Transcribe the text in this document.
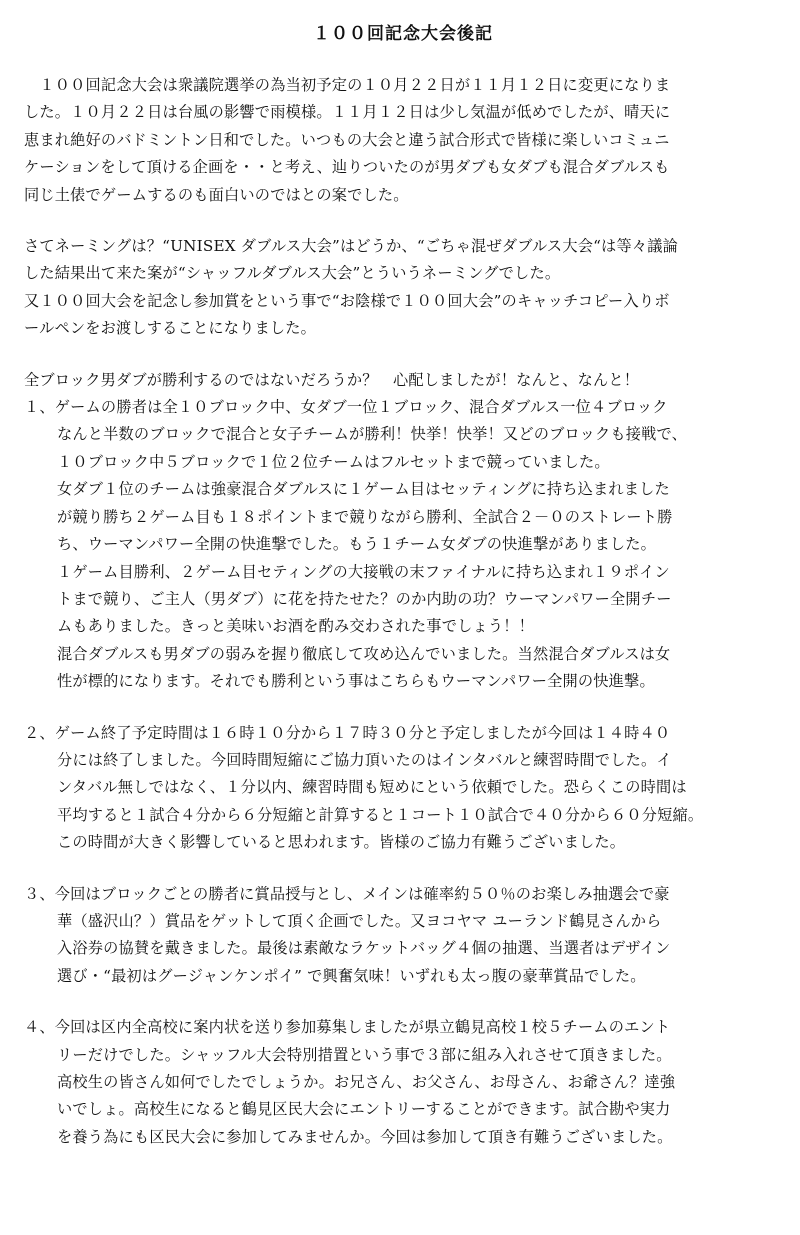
１００回記念大会後記
　１００回記念大会は衆議院選挙の為当初予定の１０月２２日が１１月１２日に変更になりま
した。１０月２２日は台風の影響で雨模様。１１月１２日は少し気温が低めでしたが、晴天に
恵まれ絶好のバドミントン日和でした。いつもの大会と違う試合形式で皆様に楽しいコミュニ
ケーションをして頂ける企画を・・と考え、辿りついたのが男ダブも女ダブも混合ダブルスも
同じ土俵でゲームするのも面白いのではとの案でした。
さてネーミングは？“UNISEX ダブルス大会”はどうか、“ごちゃ混ぜダブルス大会“は等々議論
した結果出て来た案が“シャッフルダブルス大会”とういうネーミングでした。
又１００回大会を記念し参加賞をという事で“お陰様で１００回大会”のキャッチコピー入りボ
ールペンをお渡しすることになりました。
全ブロック男ダブが勝利するのではないだろうか？　心配しましたが！なんと、なんと！
１、ゲームの勝者は全１０ブロック中、女ダブ一位１ブロック、混合ダブルス一位４ブロック
なんと半数のブロックで混合と女子チームが勝利！快挙！快挙！又どのブロックも接戦で、
１０ブロック中５ブロックで１位２位チームはフルセットまで競っていました。
女ダブ１位のチームは強豪混合ダブルスに１ゲーム目はセッティングに持ち込まれました
が競り勝ち２ゲーム目も１８ポイントまで競りながら勝利、全試合２－０のストレート勝
ち、ウーマンパワー全開の快進撃でした。もう１チーム女ダブの快進撃がありました。
１ゲーム目勝利、２ゲーム目セティングの大接戦の末ファイナルに持ち込まれ１９ポイン
トまで競り、ご主人（男ダブ）に花を持たせた？のか内助の功？ウーマンパワー全開チー
ムもありました。きっと美味いお酒を酌み交わされた事でしょう！！
混合ダブルスも男ダブの弱みを握り徹底して攻め込んでいました。当然混合ダブルスは女
性が標的になります。それでも勝利という事はこちらもウーマンパワー全開の快進撃。
２、ゲーム終了予定時間は１６時１０分から１７時３０分と予定しましたが今回は１４時４０
分には終了しました。今回時間短縮にご協力頂いたのはインタバルと練習時間でした。イ
ンタバル無しではなく、１分以内、練習時間も短めにという依頼でした。恐らくこの時間は
平均すると１試合４分から６分短縮と計算すると１コート１０試合で４０分から６０分短縮。
この時間が大きく影響していると思われます。皆様のご協力有難うございました。
３、今回はブロックごとの勝者に賞品授与とし、メインは確率約５０％のお楽しみ抽選会で豪
華（盛沢山？）賞品をゲットして頂く企画でした。又ヨコヤマ ユーランド鶴見さんから
入浴券の協賛を戴きました。最後は素敵なラケットバッグ４個の抽選、当選者はデザイン
選び・“最初はグージャンケンポイ” で興奮気味！いずれも太っ腹の豪華賞品でした。
４、今回は区内全高校に案内状を送り参加募集しましたが県立鶴見高校１校５チームのエント
リーだけでした。シャッフル大会特別措置という事で３部に組み入れさせて頂きました。
高校生の皆さん如何でしたでしょうか。お兄さん、お父さん、お母さん、お爺さん？逹強
いでしょ。高校生になると鶴見区民大会にエントリーすることができます。試合勘や実力
を養う為にも区民大会に参加してみませんか。今回は参加して頂き有難うございました。
